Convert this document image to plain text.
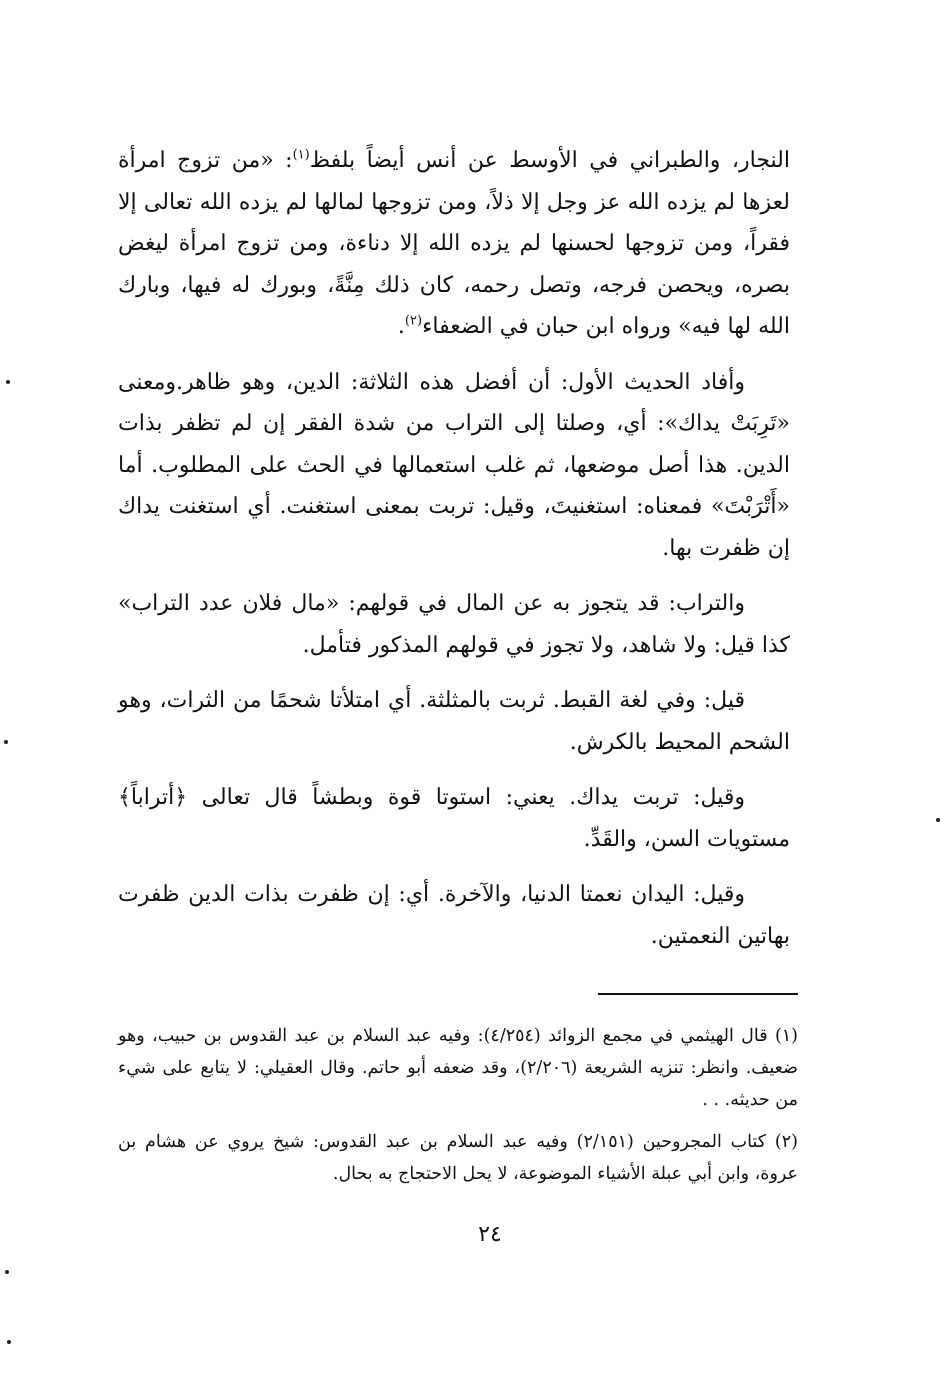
النجار، والطبراني في الأوسط عن أنس أيضاً بلفظ$^{(١)}$: «من تزوج امرأة لعزها لم يزده الله عز وجل إلا ذلاً، ومن تزوجها لمالها لم يزده الله تعالى إلا فقراً، ومن تزوجها لحسنها لم يزده الله إلا دناءة، ومن تزوج امرأة ليغض بصره، ويحصن فرجه، وتصل رحمه، كان ذلك مِنَّةً، وبورك له فيها، وبارك الله لها فيه» ورواه ابن حبان في الضعفاء$^{(٢)}$.

وأفاد الحديث الأول: أن أفضل هذه الثلاثة: الدين، وهو ظاهر.ومعنى «تَرِبَتْ يداك»: أي، وصلتا إلى التراب من شدة الفقر إن لم تظفر بذات الدين. هذا أصل موضعها، ثم غلب استعمالها في الحث على المطلوب. أما «أَتْرَبْتَ» فمعناه: استغنيتَ، وقيل: تربت بمعنى استغنت. أي استغنت يداك إن ظفرت بها.

والتراب: قد يتجوز به عن المال في قولهم: «مال فلان عدد التراب» كذا قيل: ولا شاهد، ولا تجوز في قولهم المذكور فتأمل.

قيل: وفي لغة القبط. ثربت بالمثلثة. أي امتلأتا شحمًا من الثرات، وهو الشحم المحيط بالكرش.

وقيل: تربت يداك. يعني: استوتا قوة وبطشاً قال تعالى ﴿أتراباً﴾ مستويات السن، والقَدِّ.

وقيل: اليدان نعمتا الدنيا، والآخرة. أي: إن ظفرت بذات الدين ظفرت بهاتين النعمتين.

(١) قال الهيثمي في مجمع الزوائد (٤/٢٥٤): وفيه عبد السلام بن عبد القدوس بن حبيب، وهو ضعيف. وانظر: تنزيه الشريعة (٢/٢٠٦)، وقد ضعفه أبو حاتم. وقال العقيلي: لا يتابع على شيء من حديثه. . .

(٢) كتاب المجروحين (٢/١٥١) وفيه عبد السلام بن عبد القدوس: شيخ يروي عن هشام بن عروة، وابن أبي عبلة الأشياء الموضوعة، لا يحل الاحتجاج به بحال.

٢٤
